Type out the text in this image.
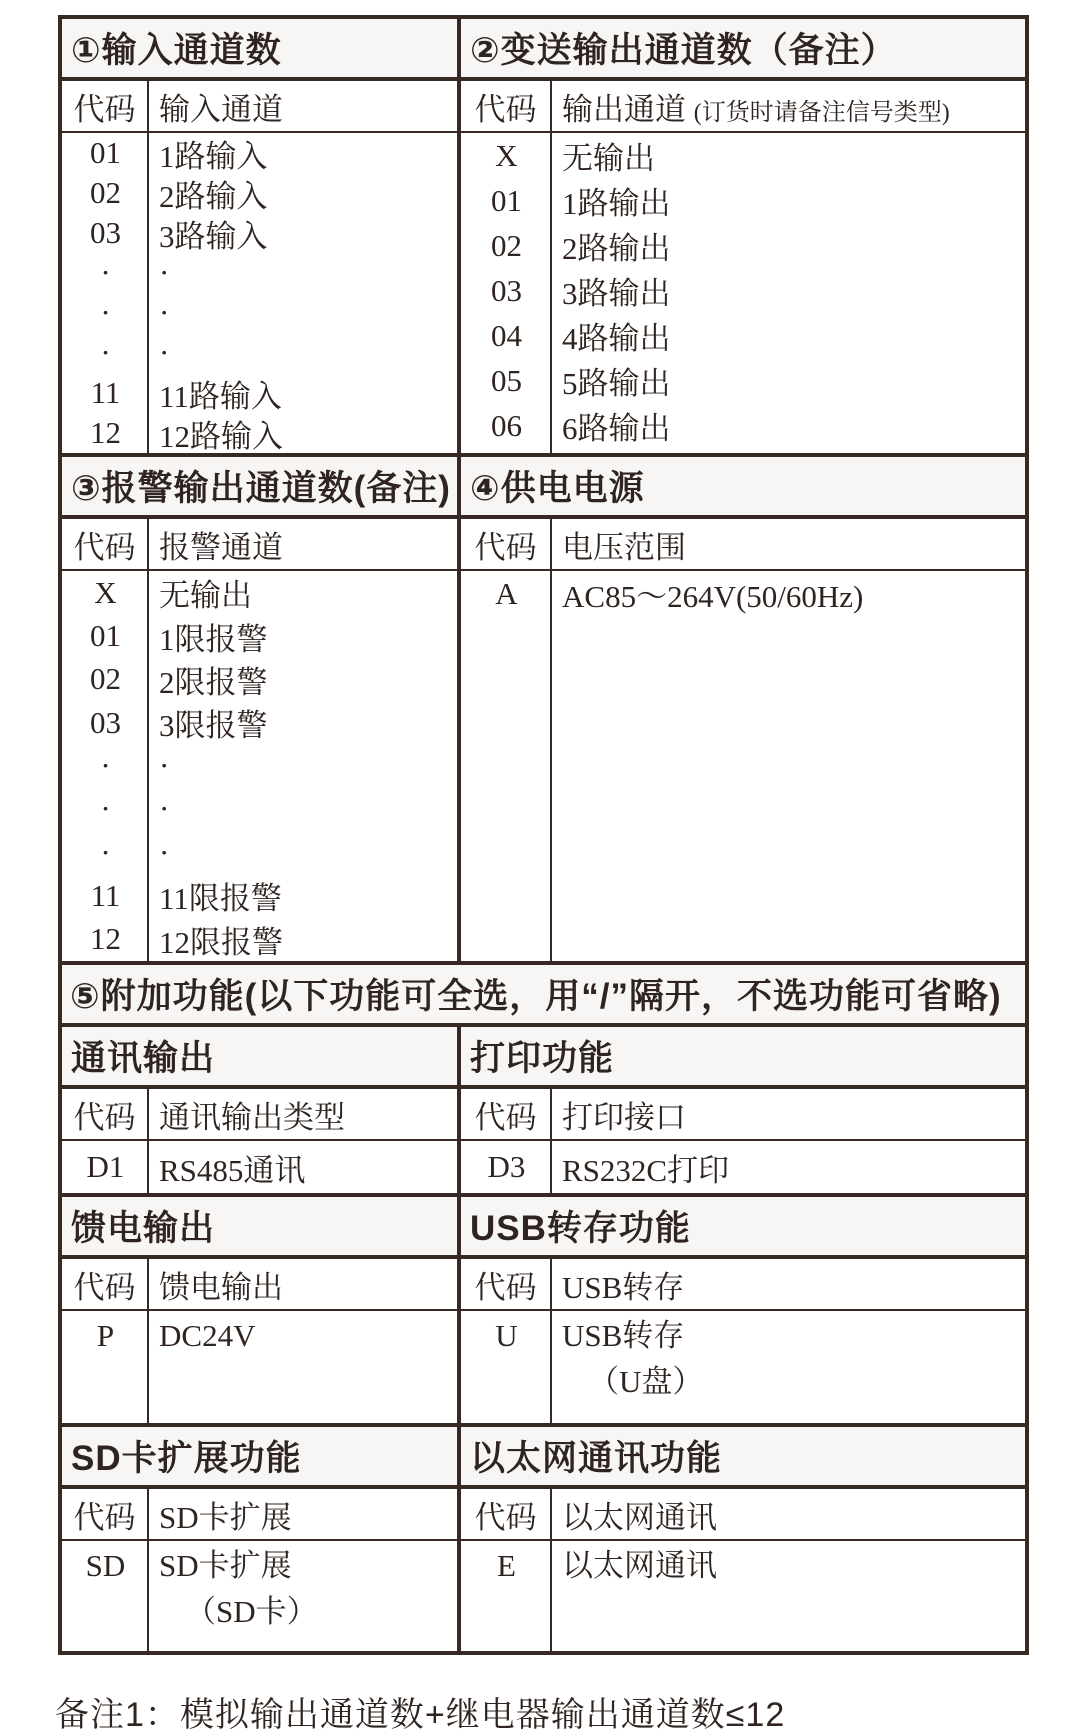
①输入通道数	②变送输出通道数（备注）
代码 输入通道
01	1路输入
02	2路输入
03	3路输入
·	·
·	·
·	·
11	11路输入
12	12路输入
代码 输出通道
(订货时请备注信号类型)
X	无输出
01	1路输出
02	2路输出
03	3路输出
04	4路输出
05	5路输出
06	6路输出
③报警输出通道数(备注) ④供电电源
代码 报警通道
X	无输出
01	1限报警
02	2限报警
03	3限报警
·	·
·	·
·	·
11	11限报警
12	12限报警
代码 电压范围
A	AC85～264V(50/60Hz)
⑤附加功能(以下功能可全选，用“/”隔开，不选功能可省略)
通讯输出	打印功能
代码 通讯输出类型
D1	RS485通讯
代码 打印接口
D3	RS232C打印
馈电输出	USB转存功能
代码 馈电输出
P	DC24V
代码 USB转存
U	USB转存
（U盘）
SD卡扩展功能	以太网通讯功能
代码 SD卡扩展
SD	SD卡扩展
（SD卡）
代码 以太网通讯
E	以太网通讯
备注1：模拟输出通道数+继电器输出通道数≤12
